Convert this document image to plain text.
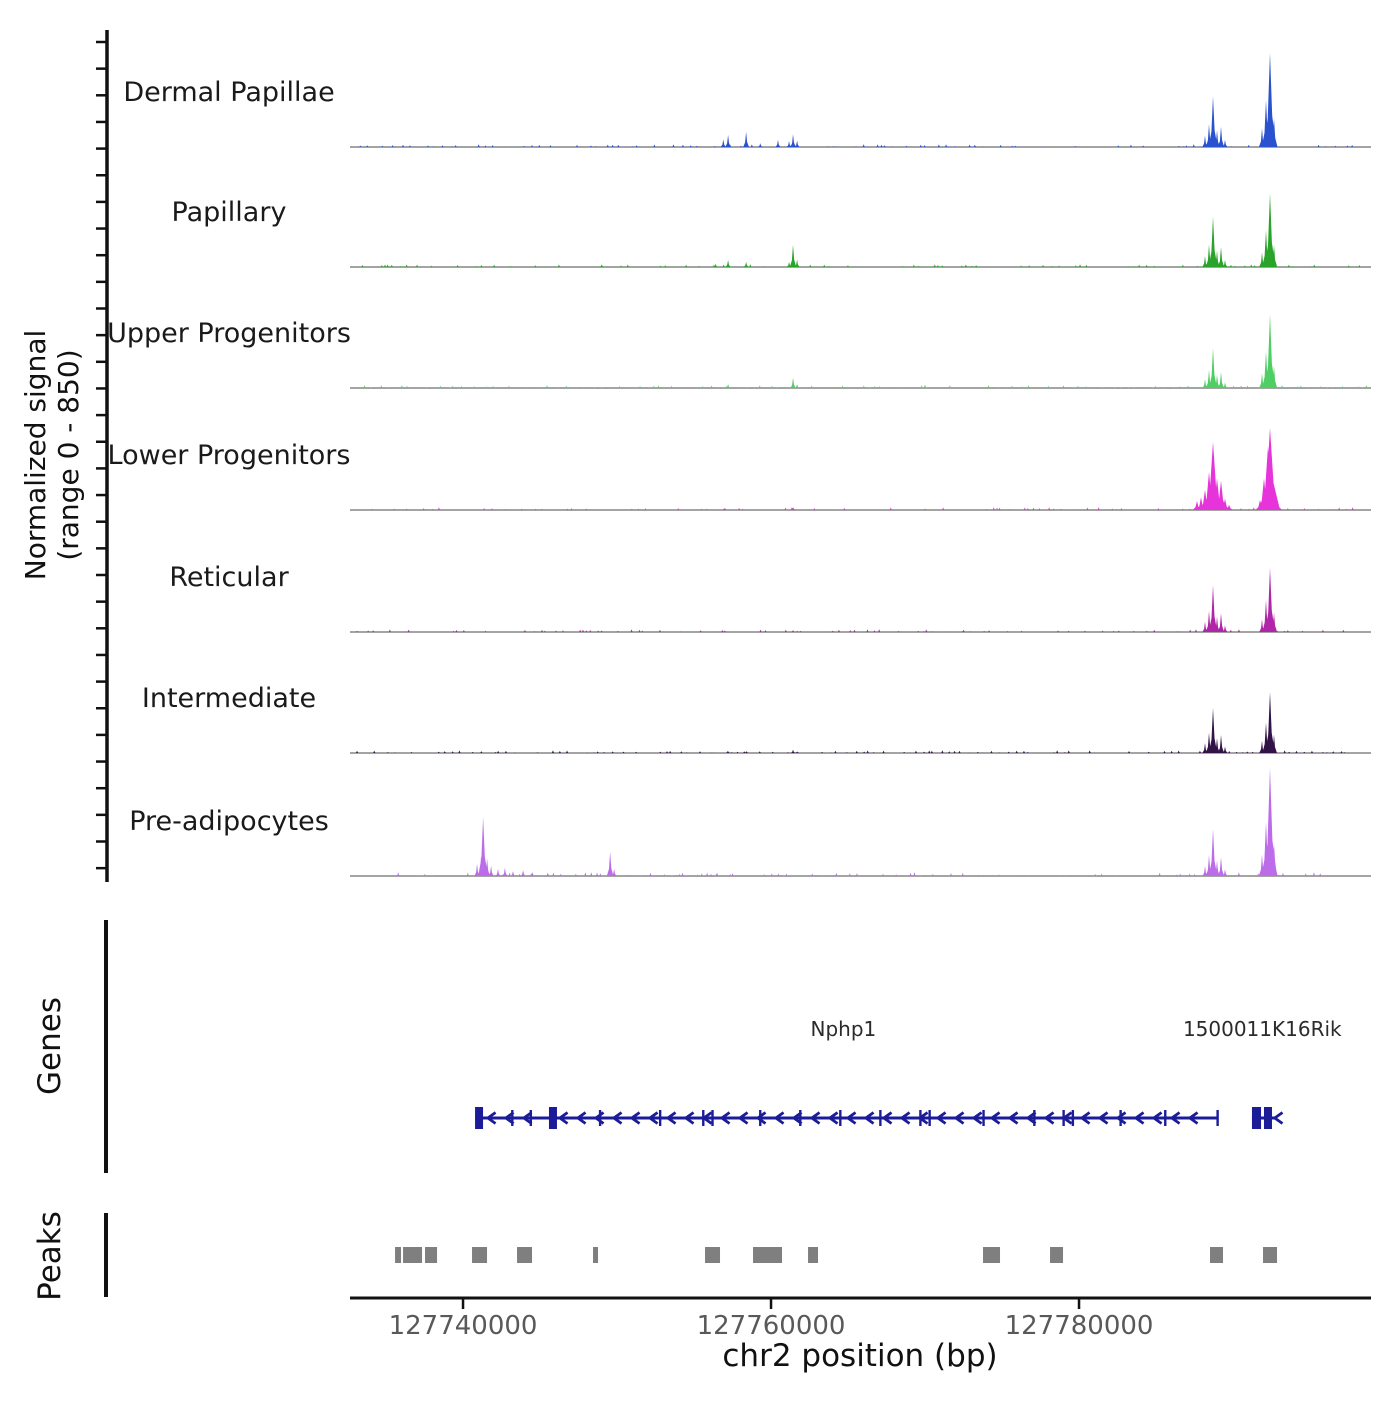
Normalized signal (range 0 - 850)
Dermal Papillae
Papillary
Upper Progenitors
Lower Progenitors
Reticular
Intermediate
Pre-adipocytes
Genes	Nphp1	1500011K16Rik
Peaks
127740000	127760000	127780000
chr2 position (bp)
